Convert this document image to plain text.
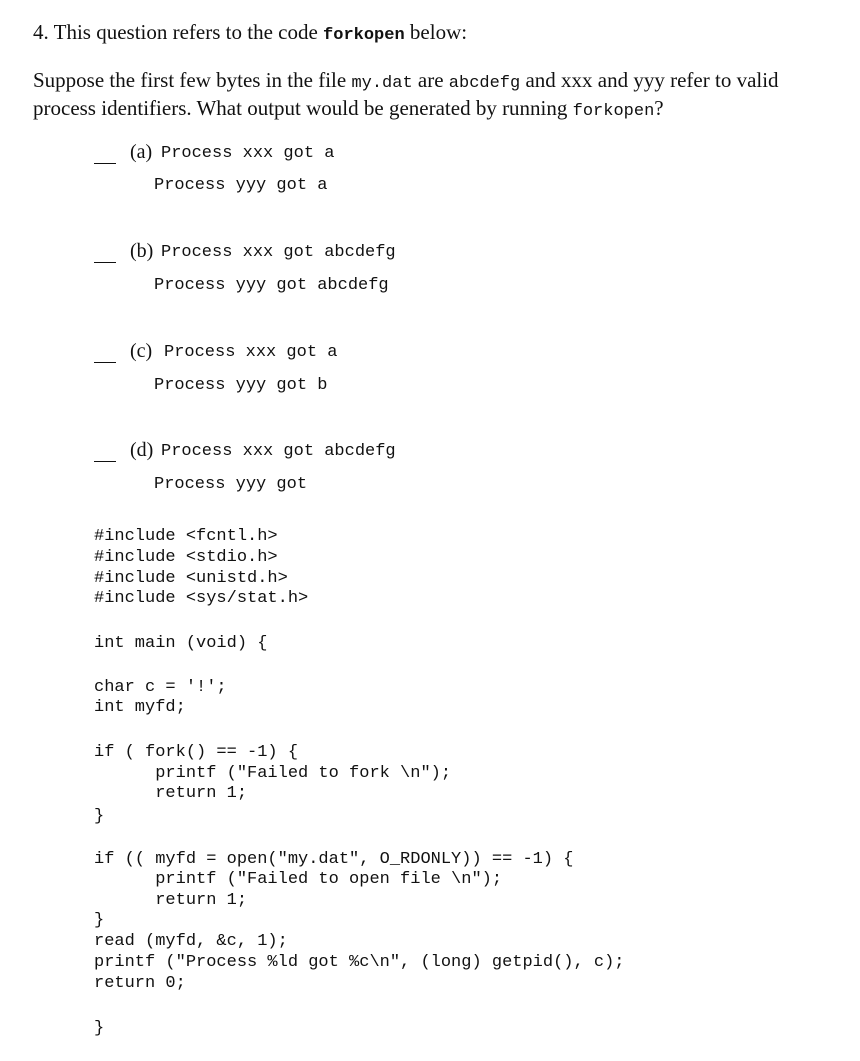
4. This question refers to the code forkopen below:
Suppose the first few bytes in the file my.dat are abcdefg and xxx and yyy refer to valid process identifiers. What output would be generated by running forkopen?
(a) Process xxx got a
Process yyy got a
(b) Process xxx got abcdefg
Process yyy got abcdefg
(c) Process xxx got a
Process yyy got b
(d) Process xxx got abcdefg
Process yyy got
#include <fcntl.h>
#include <stdio.h>
#include <unistd.h>
#include <sys/stat.h>
int main (void) {
char c = '!';
int myfd;
if ( fork() == -1) {
printf ("Failed to fork \n");
return 1;
}
if (( myfd = open("my.dat", O_RDONLY)) == -1) {
printf ("Failed to open file \n");
return 1;
}
read (myfd, &c, 1);
printf ("Process %ld got %c\n", (long) getpid(), c);
return 0;
}
